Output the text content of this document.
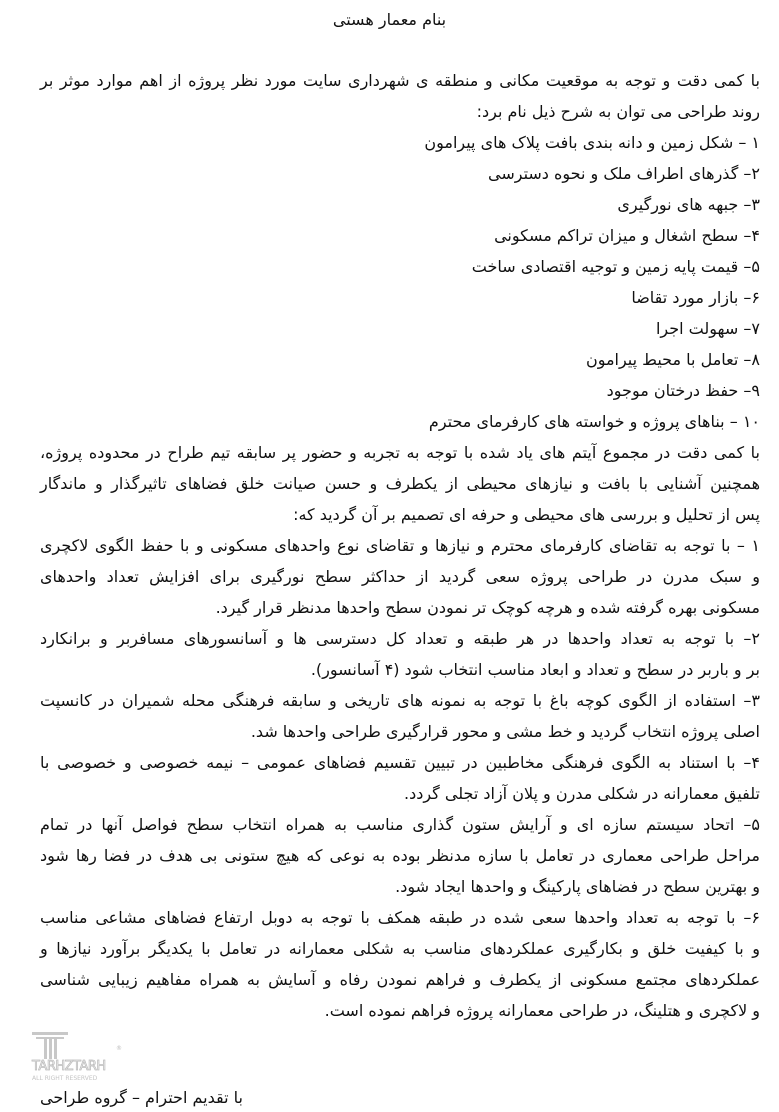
بنام معمار هستی
با کمی دقت و توجه به موقعیت مکانی و منطقه ی شهرداری سایت مورد نظر پروژه از اهم موارد موثر بر
روند طراحی می توان به شرح ذیل نام برد:
۱ – شکل زمین و دانه بندی بافت پلاک های پیرامون
۲– گذرهای اطراف ملک و نحوه دسترسی
۳– جبهه های نورگیری
۴– سطح اشغال و میزان تراکم مسکونی
۵– قیمت پایه زمین و توجیه اقتصادی ساخت
۶– بازار مورد تقاضا
۷– سهولت اجرا
۸– تعامل با محیط پیرامون
۹– حفظ درختان موجود
۱۰ – بناهای پروژه و خواسته های کارفرمای محترم
با کمی دقت در مجموع آیتم های یاد شده با توجه به تجربه و حضور پر سابقه تیم طراح در محدوده پروژه،
همچنین آشنایی با بافت و نیازهای محیطی از یکطرف و حسن صیانت خلق فضاهای تاثیرگذار و ماندگار
پس از تحلیل و بررسی های محیطی و حرفه ای تصمیم بر آن گردید که:
۱ – با توجه به تقاضای کارفرمای محترم و نیازها و تقاضای نوع واحدهای مسکونی و با حفظ الگوی لاکچری
و سبک مدرن در طراحی پروژه سعی گردید از حداکثر سطح نورگیری برای افزایش تعداد واحدهای
مسکونی بهره گرفته شده و هرچه کوچک تر نمودن سطح واحدها مدنظر قرار گیرد.
۲– با توجه به تعداد واحدها در هر طبقه و تعداد کل دسترسی ها و آسانسورهای مسافربر و برانکارد
بر و باربر در سطح و تعداد و ابعاد مناسب انتخاب شود (۴ آسانسور).
۳– استفاده از الگوی کوچه باغ با توجه به نمونه های تاریخی و سابقه فرهنگی محله شمیران در کانسپت
اصلی پروژه انتخاب گردید و خط مشی و محور قرارگیری طراحی واحدها شد.
۴– با استناد به الگوی فرهنگی مخاطبین در تبیین تقسیم فضاهای عمومی – نیمه خصوصی و خصوصی با
تلفیق معمارانه در شکلی مدرن و پلان آزاد تجلی گردد.
۵– اتحاد سیستم سازه ای و آرایش ستون گذاری مناسب به همراه انتخاب سطح فواصل آنها در تمام
مراحل طراحی معماری در تعامل با سازه مدنظر بوده به نوعی که هیچ ستونی بی هدف در فضا رها شود
و بهترین سطح در فضاهای پارکینگ و واحدها ایجاد شود.
۶– با توجه به تعداد واحدها سعی شده در طبقه همکف با توجه به دوبل ارتفاع فضاهای مشاعی مناسب
و با کیفیت خلق و بکارگیری عملکردهای مناسب به شکلی معمارانه در تعامل با یکدیگر برآورد نیازها و
عملکردهای مجتمع مسکونی از یکطرف و فراهم نمودن رفاه و آسایش به همراه مفاهیم زیبایی شناسی
و لاکچری و هتلینگ، در طراحی معمارانه پروژه فراهم نموده است.
TARHZTARH
®
ALL RIGHT RESERVED
با تقدیم احترام – گروه طراحی
